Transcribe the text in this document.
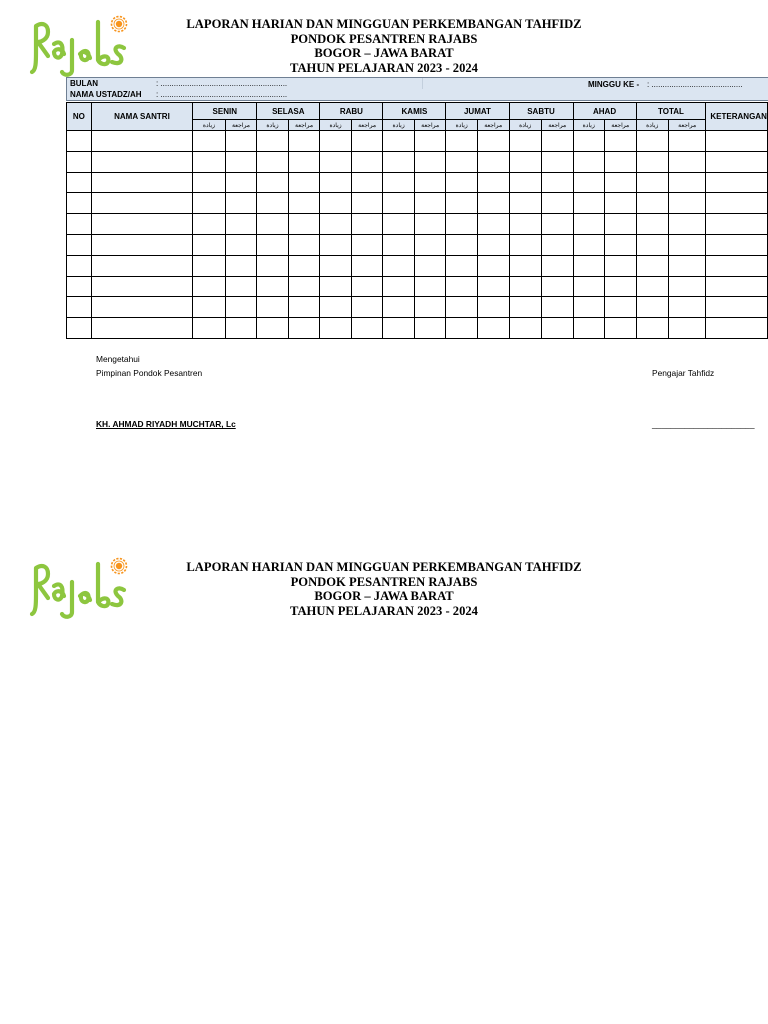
LAPORAN HARIAN DAN MINGGUAN PERKEMBANGAN TAHFIDZ
PONDOK PESANTREN RAJABS
BOGOR – JAWA BARAT
TAHUN PELAJARAN 2023 - 2024
BULAN	: .........................................................
NAMA USTADZ/AH : .........................................................
MINGGU KE - : .........................................
NO	NAMA SANTRI	SENIN		SELASA		RABU		KAMIS		JUMAT		SABTU		AHAD		TOTAL		KETERANGAN
		زيادة	مراجعة	زيادة	مراجعة	زيادة	مراجعة	زيادة	مراجعة	زيادة	مراجعة	زيادة	مراجعة	زيادة	مراجعة	زيادة	مراجعة	

Mengetahui
Pimpinan Pondok Pesantren	Pengajar Tahfidz
KH. AHMAD RIYADH MUCHTAR, Lc	______________________
LAPORAN HARIAN DAN MINGGUAN PERKEMBANGAN TAHFIDZ
PONDOK PESANTREN RAJABS
BOGOR – JAWA BARAT
TAHUN PELAJARAN 2023 - 2024
